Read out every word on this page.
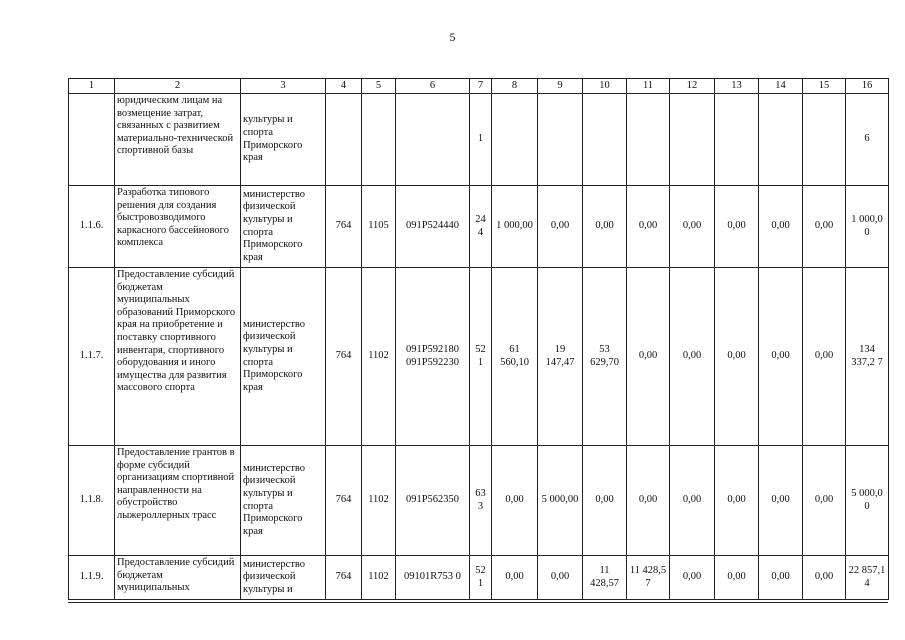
5
1	2	3	4	5	6	7	8	9	10	11	12	13	14	15	16
	юридическим лицам на возмещение затрат, связанных с развитием материально-технической спортивной базы	культуры и спорта Приморского края				1									6
1.1.6.	Разработка типового решения для создания быстровозводимого каркасного бассейнового комплекса	министерство физической культуры и спорта Приморского края	764	1105	091P524440	24 4	1 000,00	0,00	0,00	0,00	0,00	0,00	0,00	0,00	1 000,0 0
1.1.7.	Предоставление субсидий бюджетам муниципальных образований Приморского края на приобретение и поставку спортивного инвентаря, спортивного оборудования и иного имущества для развития массового спорта	министерство физической культуры и спорта Приморского края	764	1102	091P592180 091P592230	52 1	61 560,10	19 147,47	53 629,70	0,00	0,00	0,00	0,00	0,00	134 337,2 7
1.1.8.	Предоставление грантов в форме субсидий организациям спортивной направленности на обустройство лыжероллерных трасс	министерство физической культуры и спорта Приморского края	764	1102	091P562350	63 3	0,00	5 000,00	0,00	0,00	0,00	0,00	0,00	0,00	5 000,0 0
1.1.9.	Предоставление субсидий бюджетам муниципальных	министерство физической культуры и	764	1102	09101R753 0	52 1	0,00	0,00	11 428,57	11 428,5 7	0,00	0,00	0,00	0,00	22 857,1 4
